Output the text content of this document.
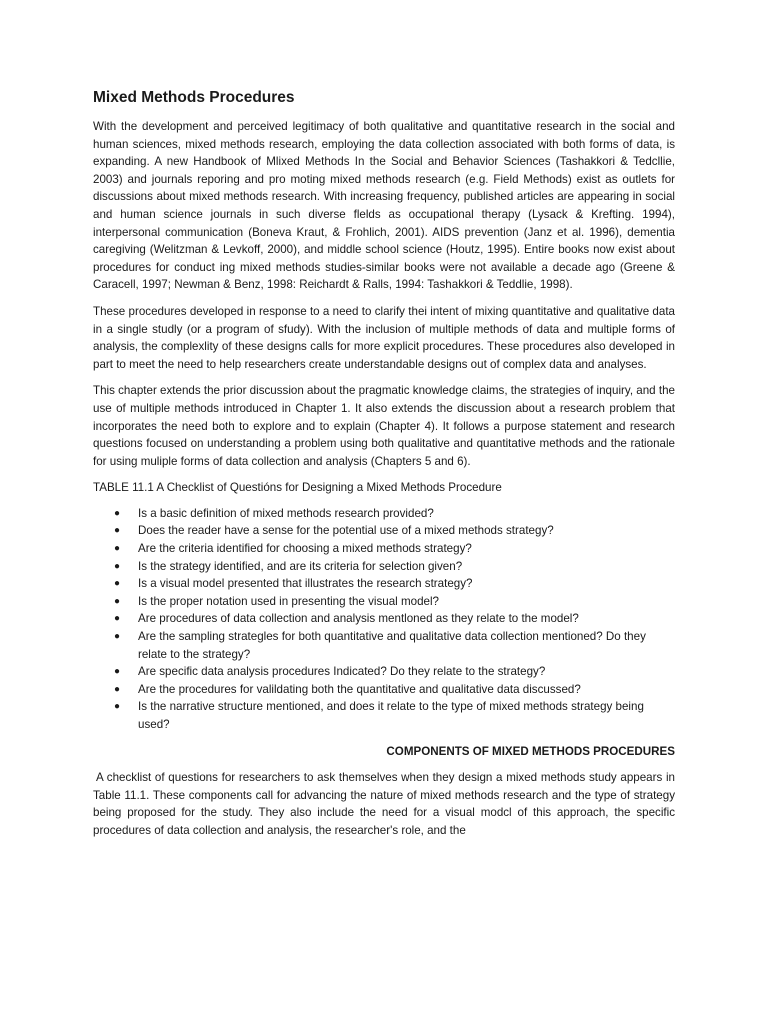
Mixed Methods Procedures

With the development and perceived legitimacy of both qualitative and quantitative research in the social and human sciences, mixed methods research, employing the data collection associated with both forms of data, is expanding. A new Handbook of Mlixed Methods In the Social and Behavior Sciences (Tashakkori & Tedcllie, 2003) and journals reporing and pro moting mixed methods research (e.g. Field Methods) exist as outlets for discussions about mixed methods research. With increasing frequency, published articles are appearing in social and human science journals in such diverse flelds as occupational therapy (Lysack & Krefting. 1994), interpersonal communication (Boneva Kraut, & Frohlich, 2001). AIDS prevention (Janz et al. 1996), dementia caregiving (Welitzman & Levkoff, 2000), and middle school science (Houtz, 1995). Entire books now exist about procedures for conduct ing mixed methods studies-similar books were not available a decade ago (Greene & Caracell, 1997; Newman & Benz, 1998: Reichardt & Ralls, 1994: Tashakkori & Teddlie, 1998).

These procedures developed in response to a need to clarify thei intent of mixing quantitative and qualitative data in a single studly (or a program of sfudy). With the inclusion of multiple methods of data and multiple forms of analysis, the complexlity of these designs calls for more explicit procedures. These procedures also developed in part to meet the need to help researchers create understandable designs out of complex data and analyses.

This chapter extends the prior discussion about the pragmatic knowledge claims, the strategies of inquiry, and the use of multiple methods introduced in Chapter 1. It also extends the discussion about a research problem that incorporates the need both to explore and to explain (Chapter 4). It follows a purpose statement and research questions focused on understanding a problem using both qualitative and quantitative methods and the rationale for using muliple forms of data collection and analysis (Chapters 5 and 6).

TABLE 11.1 A Checklist of Questións for Designing a Mixed Methods Procedure
● Is a basic definition of mixed methods research provided?
● Does the reader have a sense for the potential use of a mixed methods strategy?
● Are the criteria identified for choosing a mixed methods strategy?
● Is the strategy identified, and are its criteria for selection given?
● Is a visual model presented that illustrates the research strategy?
● Is the proper notation used in presenting the visual model?
● Are procedures of data collection and analysis mentloned as they relate to the model?
● Are the sampling strategles for both quantitative and qualitative data collection mentioned? Do they relate to the strategy?
● Are specific data analysis procedures Indicated? Do they relate to the strategy?
● Are the procedures for valildating both the quantitative and qualitative data discussed?
● Is the narrative structure mentioned, and does it relate to the type of mixed methods strategy being used?
COMPONENTS OF MIXED METHODS PROCEDURES

A checklist of questions for researchers to ask themselves when they design a mixed methods study appears in Table 11.1. These components call for advancing the nature of mixed methods research and the type of strategy being proposed for the study. They also include the need for a visual modcl of this approach, the specific procedures of data collection and analysis, the researcher's role, and the
